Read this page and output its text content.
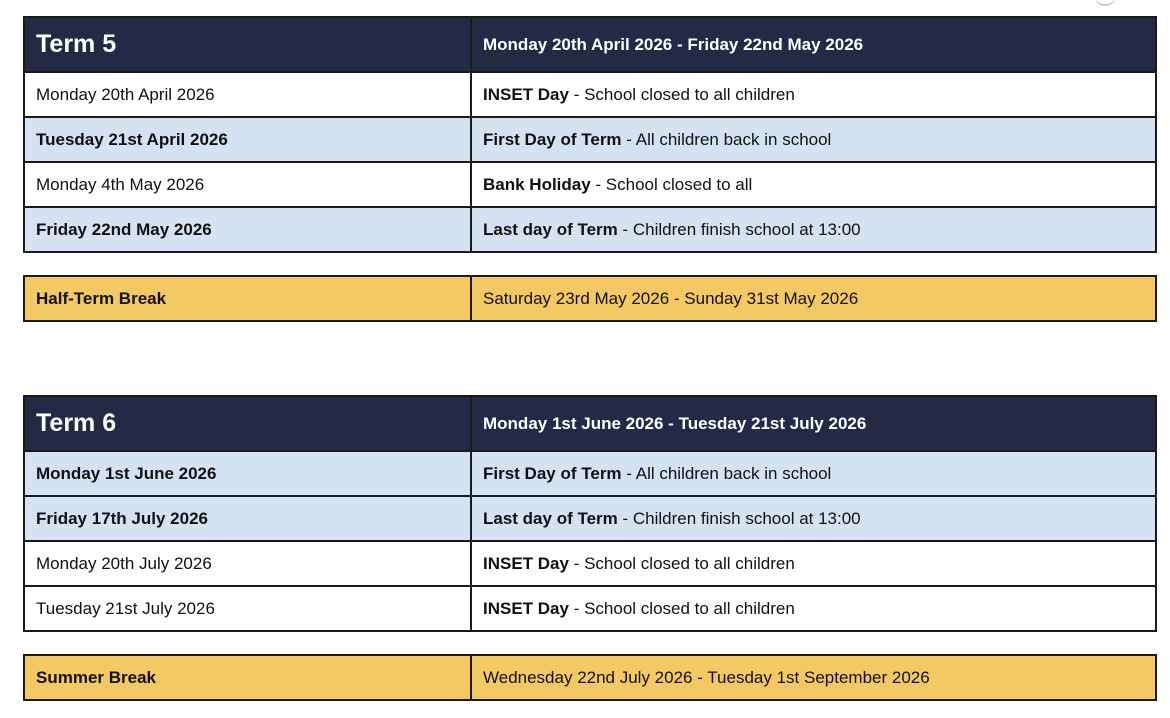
Term 5	Monday 20th April 2026 - Friday 22nd May 2026
Monday 20th April 2026	INSET Day - School closed to all children
Tuesday 21st April 2026	First Day of Term - All children back in school
Monday 4th May 2026	Bank Holiday - School closed to all
Friday 22nd May 2026	Last day of Term - Children finish school at 13:00
Half-Term Break	Saturday 23rd May 2026 - Sunday 31st May 2026
Term 6	Monday 1st June 2026 - Tuesday 21st July 2026
Monday 1st June 2026	First Day of Term - All children back in school
Friday 17th July 2026	Last day of Term - Children finish school at 13:00
Monday 20th July 2026	INSET Day - School closed to all children
Tuesday 21st July 2026	INSET Day - School closed to all children
Summer Break	Wednesday 22nd July 2026 - Tuesday 1st September 2026
